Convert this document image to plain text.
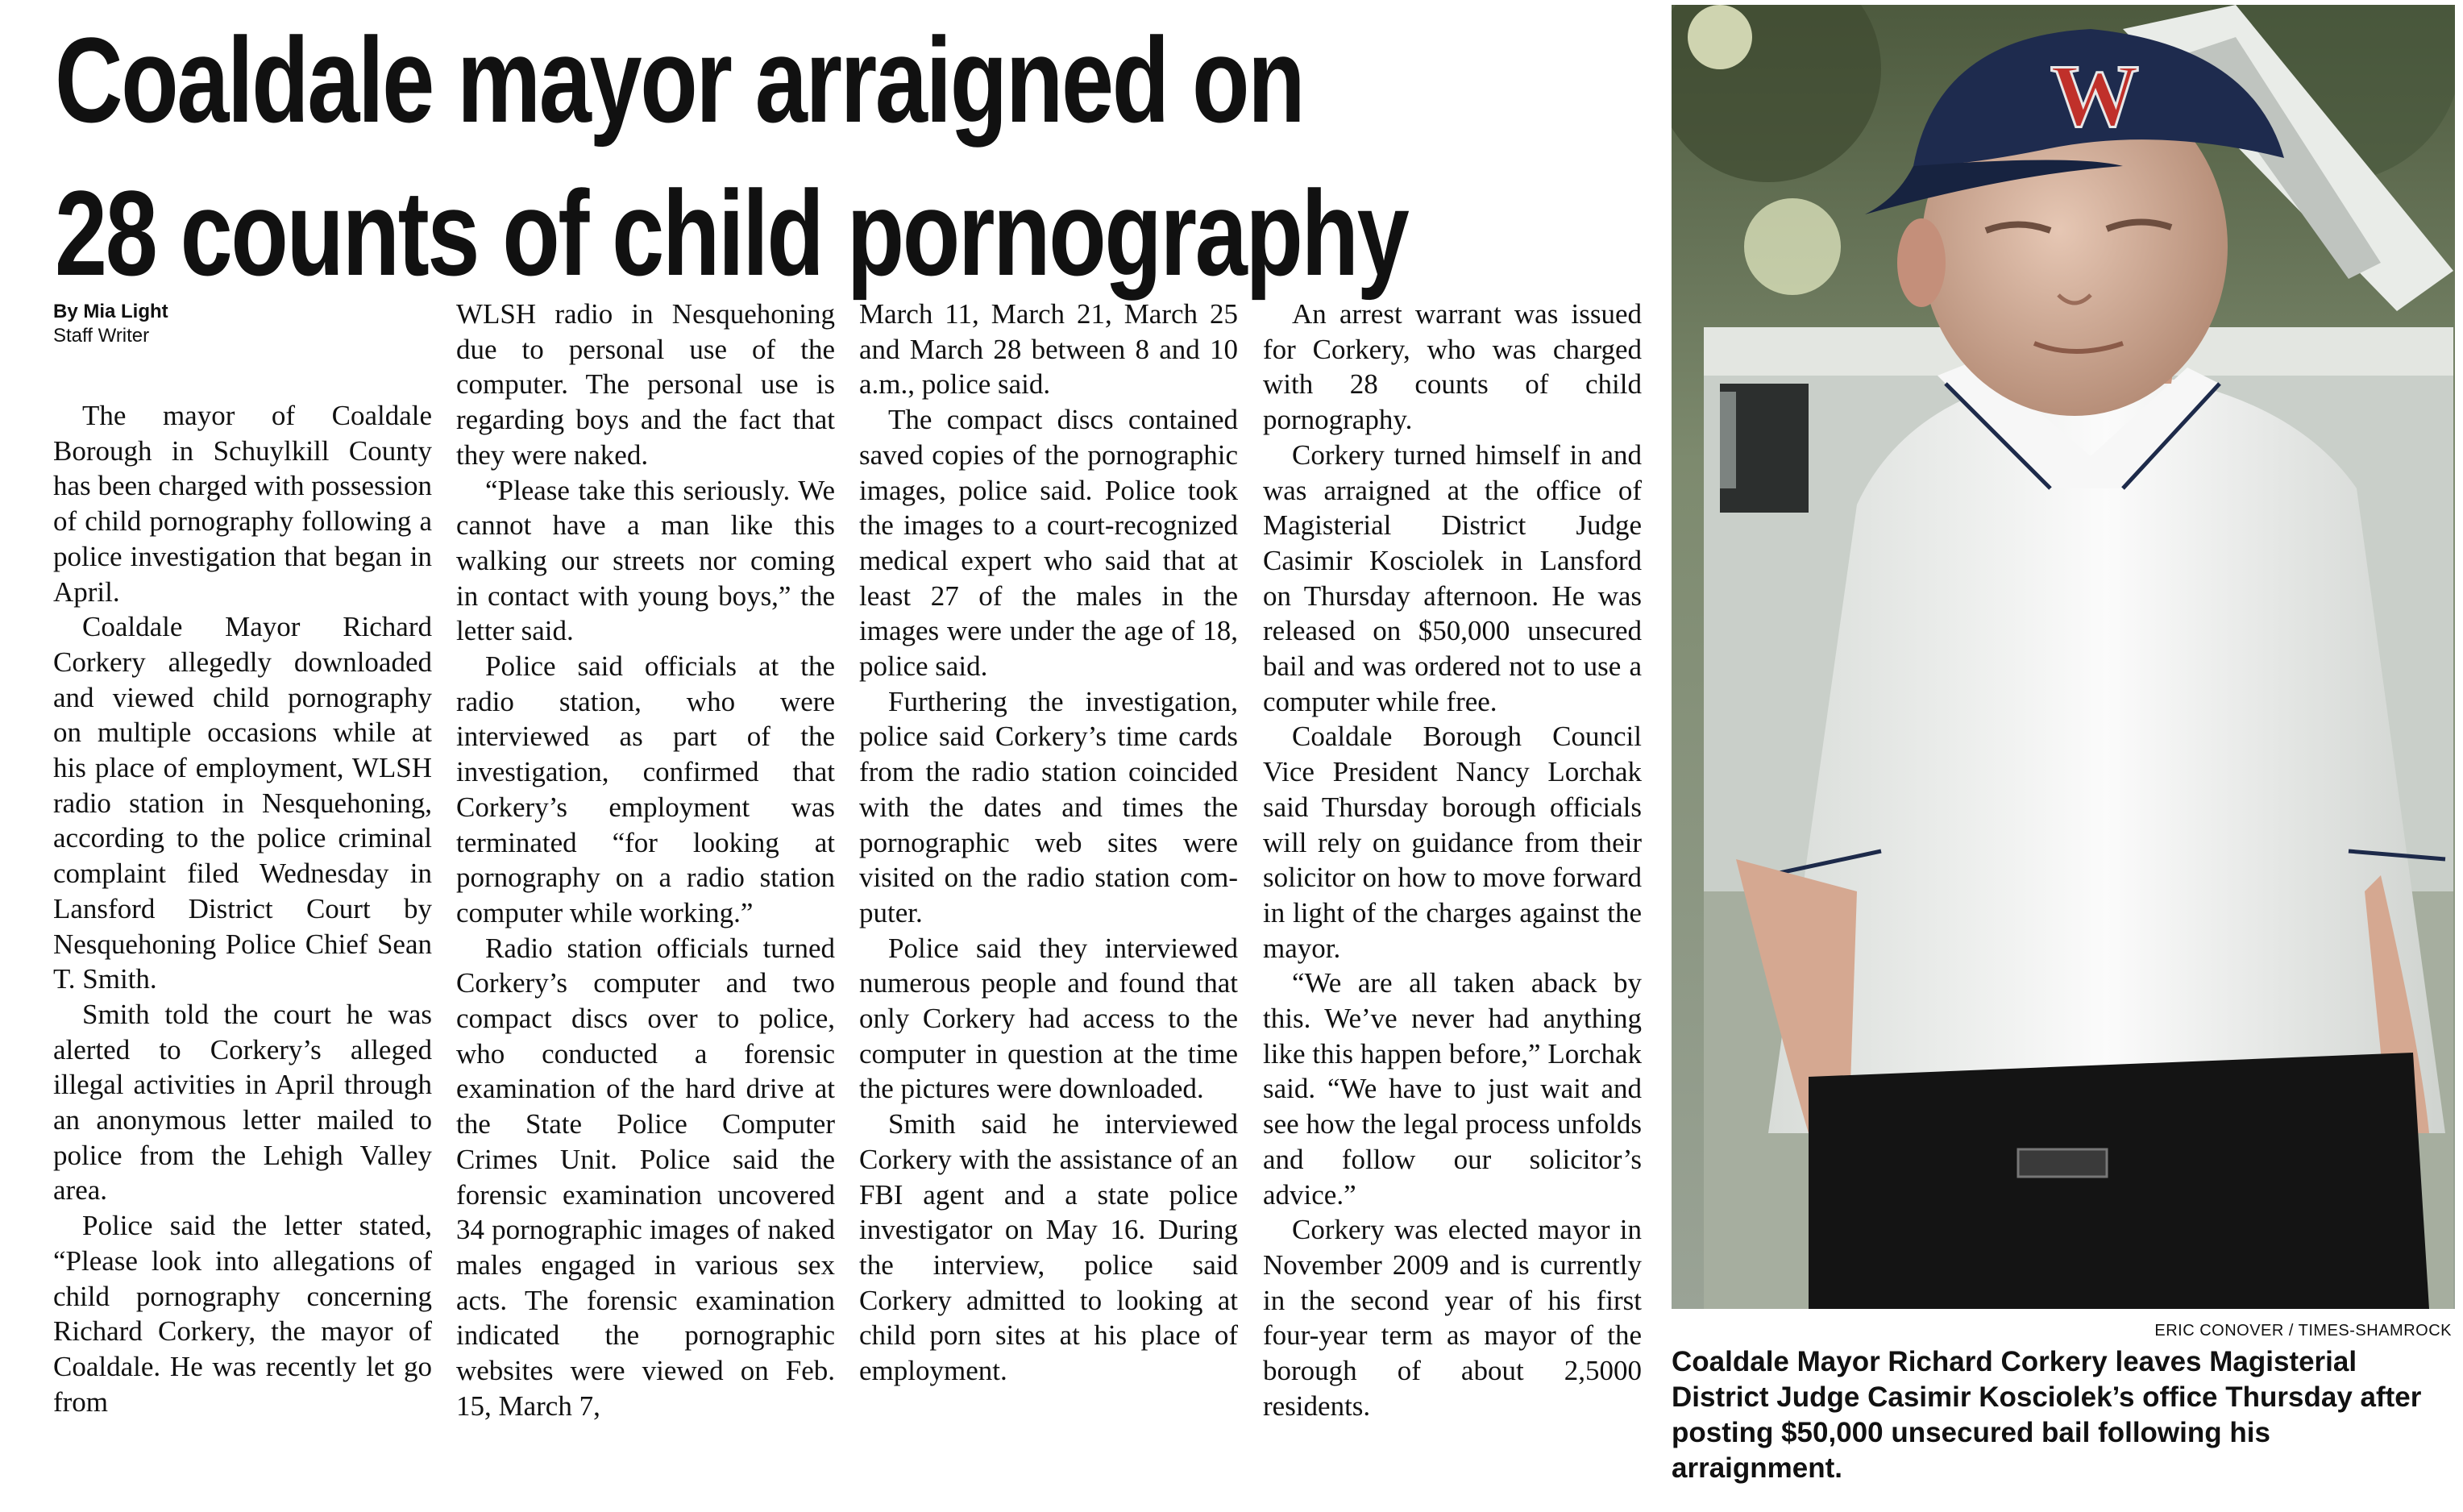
Coaldale mayor arraigned on
28 counts of child pornography
By Mia Light
Staff Writer

The mayor of Coaldale Borough in Schuylkill County has been charged with possession of child pornography following a police investigation that began in April.

Coaldale Mayor Richard Corkery allegedly downloaded and viewed child pornography on multiple occasions while at his place of employment, WLSH radio station in Nesquehoning, according to the police criminal complaint filed Wednesday in Lansford District Court by Nesquehoning Police Chief Sean T. Smith.

Smith told the court he was alerted to Corkery’s alleged illegal activities in April through an anonymous letter mailed to police from the Lehigh Valley area.

Police said the letter stated, “Please look into allegations of child pornography concerning Richard Corkery, the mayor of Coaldale. He was recently let go from

WLSH radio in Nesquehoning due to personal use of the computer. The personal use is regarding boys and the fact that they were naked.

“Please take this seriously. We cannot have a man like this walking our streets nor coming in contact with young boys,” the letter said.

Police said officials at the radio station, who were interviewed as part of the investigation, confirmed that Corkery’s employment was terminated “for looking at pornography on a radio station computer while working.”

Radio station officials turned Corkery’s computer and two compact discs over to police, who conducted a forensic examination of the hard drive at the State Police Computer Crimes Unit. Police said the forensic examination uncovered 34 pornographic images of naked males engaged in various sex acts. The forensic examination indicated the pornographic websites were viewed on Feb. 15, March 7,

March 11, March 21, March 25 and March 28 between 8 and 10 a.m., police said.

The compact discs contained saved copies of the pornographic images, police said. Police took the images to a court-recognized medical expert who said that at least 27 of the males in the images were under the age of 18, police said.

Furthering the investigation, police said Corkery’s time cards from the radio station coincided with the dates and times the pornographic web sites were visited on the radio station computer.

Police said they interviewed numerous people and found that only Corkery had access to the computer in question at the time the pictures were downloaded.

Smith said he interviewed Corkery with the assistance of an FBI agent and a state police investigator on May 16. During the interview, police said Corkery admitted to looking at child porn sites at his place of employment.

An arrest warrant was issued for Corkery, who was charged with 28 counts of child pornography.

Corkery turned himself in and was arraigned at the office of Magisterial District Judge Casimir Kosciolek in Lansford on Thursday afternoon. He was released on $50,000 unsecured bail and was ordered not to use a computer while free.

Coaldale Borough Council Vice President Nancy Lorchak said Thursday borough officials will rely on guidance from their solicitor on how to move forward in light of the charges against the mayor.

“We are all taken aback by this. We’ve never had anything like this happen before,” Lorchak said. “We have to just wait and see how the legal process unfolds and follow our solicitor’s advice.”

Corkery was elected mayor in November 2009 and is currently in the second year of his first four-year term as mayor of the borough of about 2,5000 residents.

W
ERIC CONOVER / TIMES-SHAMROCK
Coaldale Mayor Richard Corkery leaves Magisterial District Judge Casimir Kosciolek’s office Thursday after posting $50,000 unsecured bail following his arraignment.
